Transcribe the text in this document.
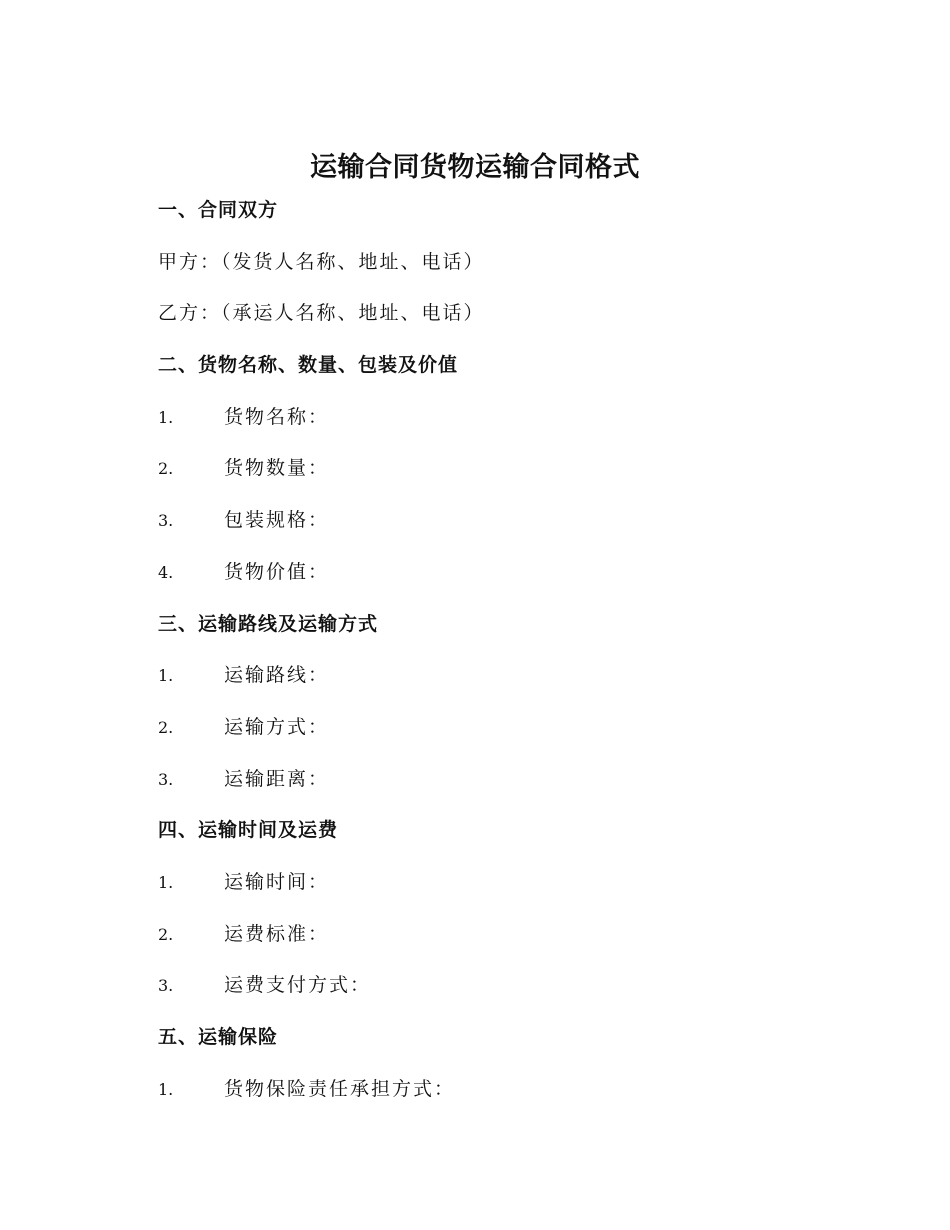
运输合同货物运输合同格式
一、合同双方
甲方：（发货人名称、地址、电话）
乙方：（承运人名称、地址、电话）
二、货物名称、数量、包装及价值
1.	货物名称：
2.	货物数量：
3.	包装规格：
4.	货物价值：
三、运输路线及运输方式
1.	运输路线：
2.	运输方式：
3.	运输距离：
四、运输时间及运费
1.	运输时间：
2.	运费标准：
3.	运费支付方式：
五、运输保险
1.	货物保险责任承担方式：
